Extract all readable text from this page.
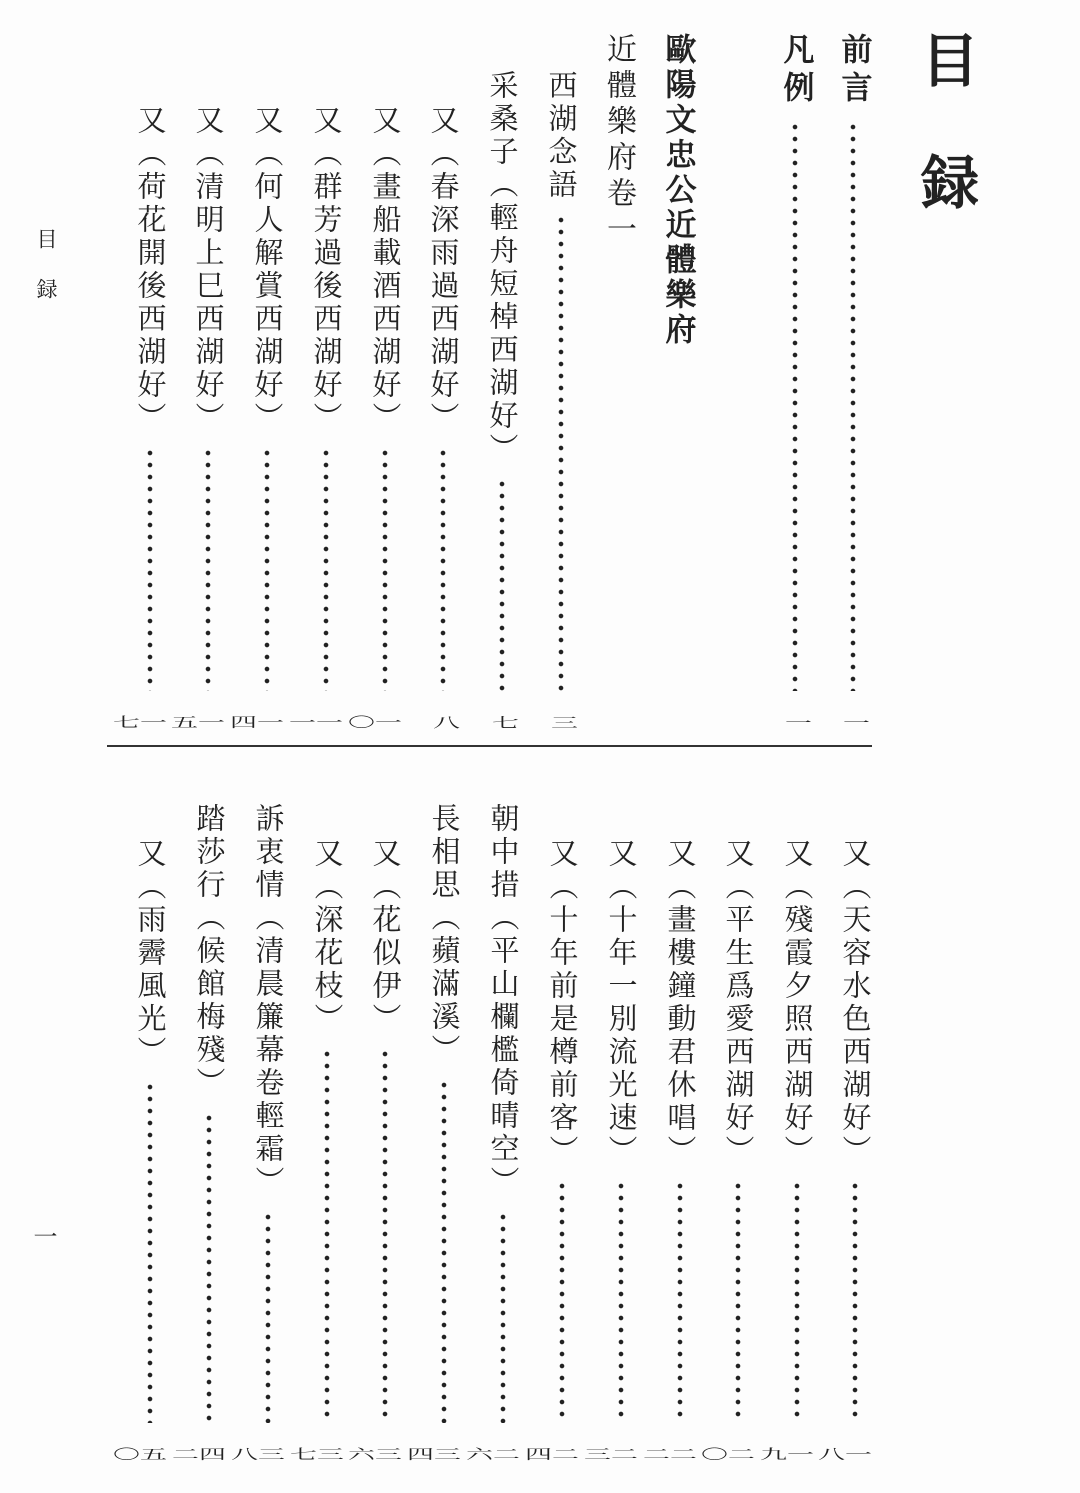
目録
目録
一
前言
一
凡例
一
歐陽文忠公近體樂府
近體樂府卷一
西湖念語
三
采桑子（輕舟短棹西湖好）
七
又（春深雨過西湖好）
八
又（畫船載酒西湖好）
一〇
又（群芳過後西湖好）
一一
又（何人解賞西湖好）
一四
又（清明上巳西湖好）
一五
又（荷花開後西湖好）
一七
又（天容水色西湖好）
一八
又（殘霞夕照西湖好）
一九
又（平生爲愛西湖好）
二〇
又（畫樓鐘動君休唱）
二二
又（十年一別流光速）
二三
又（十年前是樽前客）
二四
朝中措（平山欄檻倚晴空）
二六
長相思（蘋滿溪）
三四
又（花似伊）
三六
又（深花枝）
三七
訴衷情（清晨簾幕卷輕霜）
三八
踏莎行（候館梅殘）
四二
又（雨霽風光）
五〇
